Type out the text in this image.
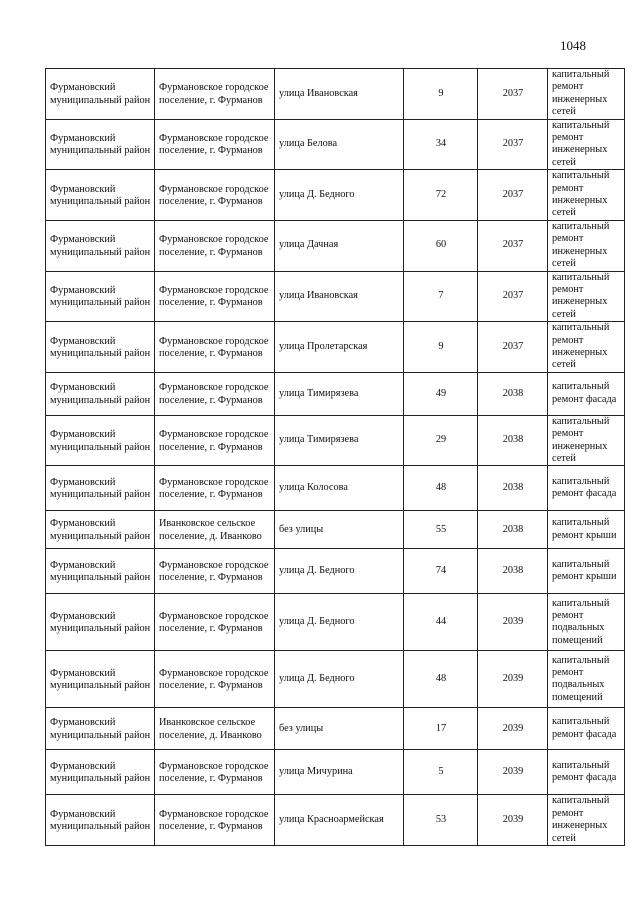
1048
Фурмановский муниципальный район	Фурмановское городское поселение, г. Фурманов	улица Ивановская	9	2037	капитальный ремонт инженерных сетей

Фурмановский муниципальный район	Фурмановское городское поселение, г. Фурманов	улица Белова	34	2037	капитальный ремонт инженерных сетей

Фурмановский муниципальный район	Фурмановское городское поселение, г. Фурманов	улица Д. Бедного	72	2037	капитальный ремонт инженерных сетей

Фурмановский муниципальный район	Фурмановское городское поселение, г. Фурманов	улица Дачная	60	2037	капитальный ремонт инженерных сетей

Фурмановский муниципальный район	Фурмановское городское поселение, г. Фурманов	улица Ивановская	7	2037	капитальный ремонт инженерных сетей

Фурмановский муниципальный район	Фурмановское городское поселение, г. Фурманов	улица Пролетарская	9	2037	капитальный ремонт инженерных сетей

Фурмановский муниципальный район	Фурмановское городское поселение, г. Фурманов	улица Тимирязева	49	2038	капитальный ремонт фасада

Фурмановский муниципальный район	Фурмановское городское поселение, г. Фурманов	улица Тимирязева	29	2038	капитальный ремонт инженерных сетей

Фурмановский муниципальный район	Фурмановское городское поселение, г. Фурманов	улица Колосова	48	2038	капитальный ремонт фасада

Фурмановский муниципальный район	Иванковское сельское поселение, д. Иванково	без улицы	55	2038	капитальный ремонт крыши

Фурмановский муниципальный район	Фурмановское городское поселение, г. Фурманов	улица Д. Бедного	74	2038	капитальный ремонт крыши

Фурмановский муниципальный район	Фурмановское городское поселение, г. Фурманов	улица Д. Бедного	44	2039	капитальный ремонт подвальных помещений

Фурмановский муниципальный район	Фурмановское городское поселение, г. Фурманов	улица Д. Бедного	48	2039	капитальный ремонт подвальных помещений

Фурмановский муниципальный район	Иванковское сельское поселение, д. Иванково	без улицы	17	2039	капитальный ремонт фасада

Фурмановский муниципальный район	Фурмановское городское поселение, г. Фурманов	улица Мичурина	5	2039	капитальный ремонт фасада

Фурмановский муниципальный район	Фурмановское городское поселение, г. Фурманов	улица Красноармейская	53	2039	капитальный ремонт инженерных сетей
